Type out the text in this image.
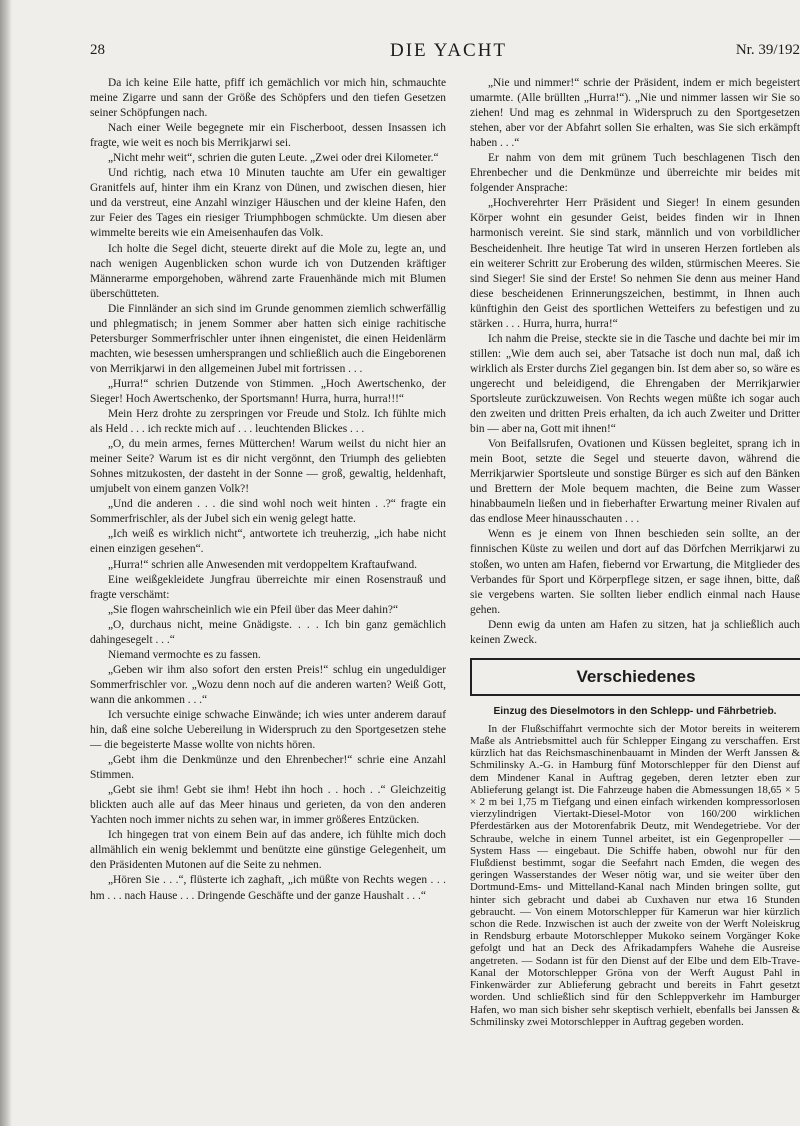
28	DIE YACHT	Nr. 39/192

Da ich keine Eile hatte, pfiff ich gemächlich vor mich hin, schmauchte meine Zigarre und sann der Größe des Schöpfers und den tiefen Gesetzen seiner Schöpfungen nach.

Nach einer Weile begegnete mir ein Fischerboot, dessen Insassen ich fragte, wie weit es noch bis Merrikjarwi sei.

„Nicht mehr weit“, schrien die guten Leute. „Zwei oder drei Kilometer.“

Und richtig, nach etwa 10 Minuten tauchte am Ufer ein gewaltiger Granitfels auf, hinter ihm ein Kranz von Dünen, und zwischen diesen, hier und da verstreut, eine Anzahl winziger Häuschen und der kleine Hafen, den zur Feier des Tages ein riesiger Triumphbogen schmückte. Um diesen aber wimmelte bereits wie ein Ameisenhaufen das Volk.

Ich holte die Segel dicht, steuerte direkt auf die Mole zu, legte an, und nach wenigen Augenblicken schon wurde ich von Dutzenden kräftiger Männerarme emporgehoben, während zarte Frauenhände mich mit Blumen überschütteten.

Die Finnländer an sich sind im Grunde genommen ziemlich schwerfällig und phlegmatisch; in jenem Sommer aber hatten sich einige rachitische Petersburger Sommerfrischler unter ihnen eingenistet, die einen Heidenlärm machten, wie besessen umhersprangen und schließlich auch die Eingeborenen von Merrikjarwi in den allgemeinen Jubel mit fortrissen . . .

„Hurra!“ schrien Dutzende von Stimmen. „Hoch Awertschenko, der Sieger! Hoch Awertschenko, der Sportsmann! Hurra, hurra, hurra!!!“

Mein Herz drohte zu zerspringen vor Freude und Stolz. Ich fühlte mich als Held . . . ich reckte mich auf . . . leuchtenden Blickes . . .

„O, du mein armes, fernes Mütterchen! Warum weilst du nicht hier an meiner Seite? Warum ist es dir nicht vergönnt, den Triumph des geliebten Sohnes mitzukosten, der dasteht in der Sonne — groß, gewaltig, heldenhaft, umjubelt von einem ganzen Volk?!

„Und die anderen . . . die sind wohl noch weit hinten . .?“ fragte ein Sommerfrischler, als der Jubel sich ein wenig gelegt hatte.

„Ich weiß es wirklich nicht“, antwortete ich treuherzig, „ich habe nicht einen einzigen gesehen“.

„Hurra!“ schrien alle Anwesenden mit verdoppeltem Kraftaufwand.

Eine weißgekleidete Jungfrau überreichte mir einen Rosenstrauß und fragte verschämt:

„Sie flogen wahrscheinlich wie ein Pfeil über das Meer dahin?“

„O, durchaus nicht, meine Gnädigste. . . . Ich bin ganz gemächlich dahingesegelt . . .“

Niemand vermochte es zu fassen.

„Geben wir ihm also sofort den ersten Preis!“ schlug ein ungeduldiger Sommerfrischler vor. „Wozu denn noch auf die anderen warten? Weiß Gott, wann die ankommen . . .“

Ich versuchte einige schwache Einwände; ich wies unter anderem darauf hin, daß eine solche Uebereilung in Widerspruch zu den Sportgesetzen stehe — die begeisterte Masse wollte von nichts hören.

„Gebt ihm die Denkmünze und den Ehrenbecher!“ schrie eine Anzahl Stimmen.

„Gebt sie ihm! Gebt sie ihm! Hebt ihn hoch . . hoch . .“ Gleichzeitig blickten auch alle auf das Meer hinaus und gerieten, da von den anderen Yachten noch immer nichts zu sehen war, in immer größeres Entzücken.

Ich hingegen trat von einem Bein auf das andere, ich fühlte mich doch allmählich ein wenig beklemmt und benützte eine günstige Gelegenheit, um den Präsidenten Mutonen auf die Seite zu nehmen.

„Hören Sie . . .“, flüsterte ich zaghaft, „ich müßte von Rechts wegen . . . hm . . . nach Hause . . . Dringende Geschäfte und der ganze Haushalt . . .“

„Nie und nimmer!“ schrie der Präsident, indem er mich begeistert umarmte. (Alle brüllten „Hurra!“). „Nie und nimmer lassen wir Sie so ziehen! Und mag es zehnmal in Widerspruch zu den Sportgesetzen stehen, aber vor der Abfahrt sollen Sie erhalten, was Sie sich erkämpft haben . . .“

Er nahm von dem mit grünem Tuch beschlagenen Tisch den Ehrenbecher und die Denkmünze und überreichte mir beides mit folgender Ansprache:

„Hochverehrter Herr Präsident und Sieger! In einem gesunden Körper wohnt ein gesunder Geist, beides finden wir in Ihnen harmonisch vereint. Sie sind stark, männlich und von vorbildlicher Bescheidenheit. Ihre heutige Tat wird in unseren Herzen fortleben als ein weiterer Schritt zur Eroberung des wilden, stürmischen Meeres. Sie sind Sieger! Sie sind der Erste! So nehmen Sie denn aus meiner Hand diese bescheidenen Erinnerungszeichen, bestimmt, in Ihnen auch künftighin den Geist des sportlichen Wetteifers zu befestigen und zu stärken . . . Hurra, hurra, hurra!“

Ich nahm die Preise, steckte sie in die Tasche und dachte bei mir im stillen: „Wie dem auch sei, aber Tatsache ist doch nun mal, daß ich wirklich als Erster durchs Ziel gegangen bin. Ist dem aber so, so wäre es ungerecht und beleidigend, die Ehrengaben der Merrikjarwier Sportsleute zurückzuweisen. Von Rechts wegen müßte ich sogar auch den zweiten und dritten Preis erhalten, da ich auch Zweiter und Dritter bin — aber na, Gott mit ihnen!“

Von Beifallsrufen, Ovationen und Küssen begleitet, sprang ich in mein Boot, setzte die Segel und steuerte davon, während die Merrikjarwier Sportsleute und sonstige Bürger es sich auf den Bänken und Brettern der Mole bequem machten, die Beine zum Wasser hinabbaumeln ließen und in fieberhafter Erwartung meiner Rivalen auf das endlose Meer hinausschauten . . .

Wenn es je einem von Ihnen beschieden sein sollte, an der finnischen Küste zu weilen und dort auf das Dörfchen Merrikjarwi zu stoßen, wo unten am Hafen, fiebernd vor Erwartung, die Mitglieder des Verbandes für Sport und Körperpflege sitzen, er sage ihnen, bitte, daß sie vergebens warten. Sie sollten lieber endlich einmal nach Hause gehen.

Denn ewig da unten am Hafen zu sitzen, hat ja schließlich auch keinen Zweck.

Verschiedenes
Einzug des Dieselmotors in den Schlepp- und Fährbetrieb.

In der Flußschiffahrt vermochte sich der Motor bereits in weiterem Maße als Antriebsmittel auch für Schlepper Eingang zu verschaffen. Erst kürzlich hat das Reichsmaschinenbauamt in Minden der Werft Janssen & Schmilinsky A.-G. in Hamburg fünf Motorschlepper für den Dienst auf dem Mindener Kanal in Auftrag gegeben, deren letzter eben zur Ablieferung gelangt ist. Die Fahrzeuge haben die Abmessungen 18,65 × 5 × 2 m bei 1,75 m Tiefgang und einen einfach wirkenden kompressorlosen vierzylindrigen Viertakt-Diesel-Motor von 160/200 wirklichen Pferdestärken aus der Motorenfabrik Deutz, mit Wendegetriebe. Vor der Schraube, welche in einem Tunnel arbeitet, ist ein Gegenpropeller — System Hass — eingebaut. Die Schiffe haben, obwohl nur für den Flußdienst bestimmt, sogar die Seefahrt nach Emden, die wegen des geringen Wasserstandes der Weser nötig war, und sie weiter über den Dortmund-Ems- und Mittelland-Kanal nach Minden bringen sollte, gut hinter sich gebracht und dabei ab Cuxhaven nur etwa 16 Stunden gebraucht. — Von einem Motorschlepper für Kamerun war hier kürzlich schon die Rede. Inzwischen ist auch der zweite von der Werft Noleiskrug in Rendsburg erbaute Motorschlepper Mukoko seinem Vorgänger Koke gefolgt und hat an Deck des Afrikadampfers Wahehe die Ausreise angetreten. — Sodann ist für den Dienst auf der Elbe und dem Elb-Trave-Kanal der Motorschlepper Gröna von der Werft August Pahl in Finkenwärder zur Ablieferung gebracht und bereits in Fahrt gesetzt worden. Und schließlich sind für den Schleppverkehr im Hamburger Hafen, wo man sich bisher sehr skeptisch verhielt, ebenfalls bei Janssen & Schmilinsky zwei Motorschlepper in Auftrag gegeben worden.
